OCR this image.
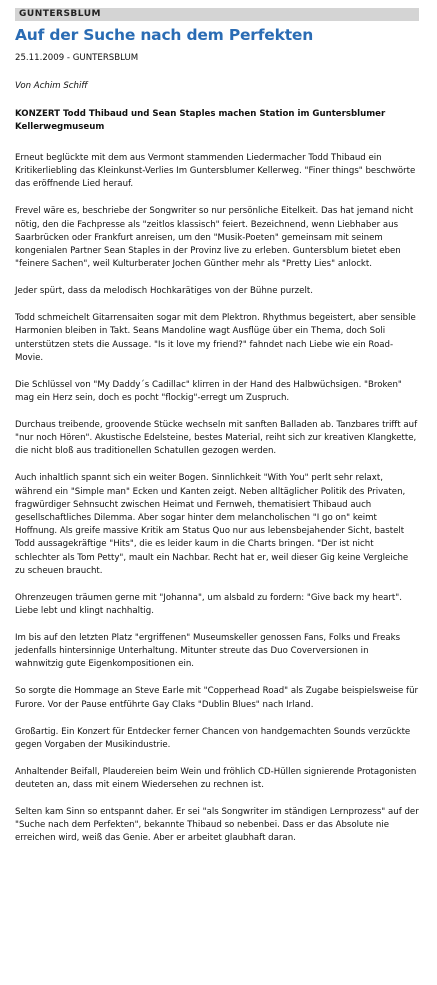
GUNTERSBLUM
Auf der Suche nach dem Perfekten
25.11.2009 - GUNTERSBLUM
Von Achim Schiff
KONZERT Todd Thibaud und Sean Staples machen Station im Guntersblumer Kellerwegmuseum

Erneut beglückte mit dem aus Vermont stammenden Liedermacher Todd Thibaud ein Kritikerliebling das Kleinkunst-Verlies Im Guntersblumer Kellerweg. "Finer things" beschwörte das eröffnende Lied herauf.

Frevel wäre es, beschriebe der Songwriter so nur persönliche Eitelkeit. Das hat jemand nicht nötig, den die Fachpresse als "zeitlos klassisch" feiert. Bezeichnend, wenn Liebhaber aus Saarbrücken oder Frankfurt anreisen, um den "Musik-Poeten" gemeinsam mit seinem kongenialen Partner Sean Staples in der Provinz live zu erleben. Guntersblum bietet eben "feinere Sachen", weil Kulturberater Jochen Günther mehr als "Pretty Lies" anlockt.

Jeder spürt, dass da melodisch Hochkarätiges von der Bühne purzelt.

Todd schmeichelt Gitarrensaiten sogar mit dem Plektron. Rhythmus begeistert, aber sensible Harmonien bleiben in Takt. Seans Mandoline wagt Ausflüge über ein Thema, doch Soli unterstützen stets die Aussage. "Is it love my friend?" fahndet nach Liebe wie ein Road-Movie.

Die Schlüssel von "My Daddy´s Cadillac" klirren in der Hand des Halbwüchsigen. "Broken" mag ein Herz sein, doch es pocht "flockig"-erregt um Zuspruch.

Durchaus treibende, groovende Stücke wechseln mit sanften Balladen ab. Tanzbares trifft auf "nur noch Hören". Akustische Edelsteine, bestes Material, reiht sich zur kreativen Klangkette, die nicht bloß aus traditionellen Schatullen gezogen werden.

Auch inhaltlich spannt sich ein weiter Bogen. Sinnlichkeit "With You" perlt sehr relaxt, während ein "Simple man" Ecken und Kanten zeigt. Neben alltäglicher Politik des Privaten, fragwürdiger Sehnsucht zwischen Heimat und Fernweh, thematisiert Thibaud auch gesellschaftliches Dilemma. Aber sogar hinter dem melancholischen "I go on" keimt Hoffnung. Als greife massive Kritik am Status Quo nur aus lebensbejahender Sicht, bastelt Todd aussagekräftige "Hits", die es leider kaum in die Charts bringen. "Der ist nicht schlechter als Tom Petty", mault ein Nachbar. Recht hat er, weil dieser Gig keine Vergleiche zu scheuen braucht.

Ohrenzeugen träumen gerne mit "Johanna", um alsbald zu fordern: "Give back my heart". Liebe lebt und klingt nachhaltig.

Im bis auf den letzten Platz "ergriffenen" Museumskeller genossen Fans, Folks und Freaks jedenfalls hintersinnige Unterhaltung. Mitunter streute das Duo Coverversionen in wahnwitzig gute Eigenkompositionen ein.

So sorgte die Hommage an Steve Earle mit "Copperhead Road" als Zugabe beispielsweise für Furore. Vor der Pause entführte Gay Claks "Dublin Blues" nach Irland.

Großartig. Ein Konzert für Entdecker ferner Chancen von handgemachten Sounds verzückte gegen Vorgaben der Musikindustrie.

Anhaltender Beifall, Plaudereien beim Wein und fröhlich CD-Hüllen signierende Protagonisten deuteten an, dass mit einem Wiedersehen zu rechnen ist.

Selten kam Sinn so entspannt daher. Er sei "als Songwriter im ständigen Lernprozess" auf der "Suche nach dem Perfekten", bekannte Thibaud so nebenbei. Dass er das Absolute nie erreichen wird, weiß das Genie. Aber er arbeitet glaubhaft daran.
